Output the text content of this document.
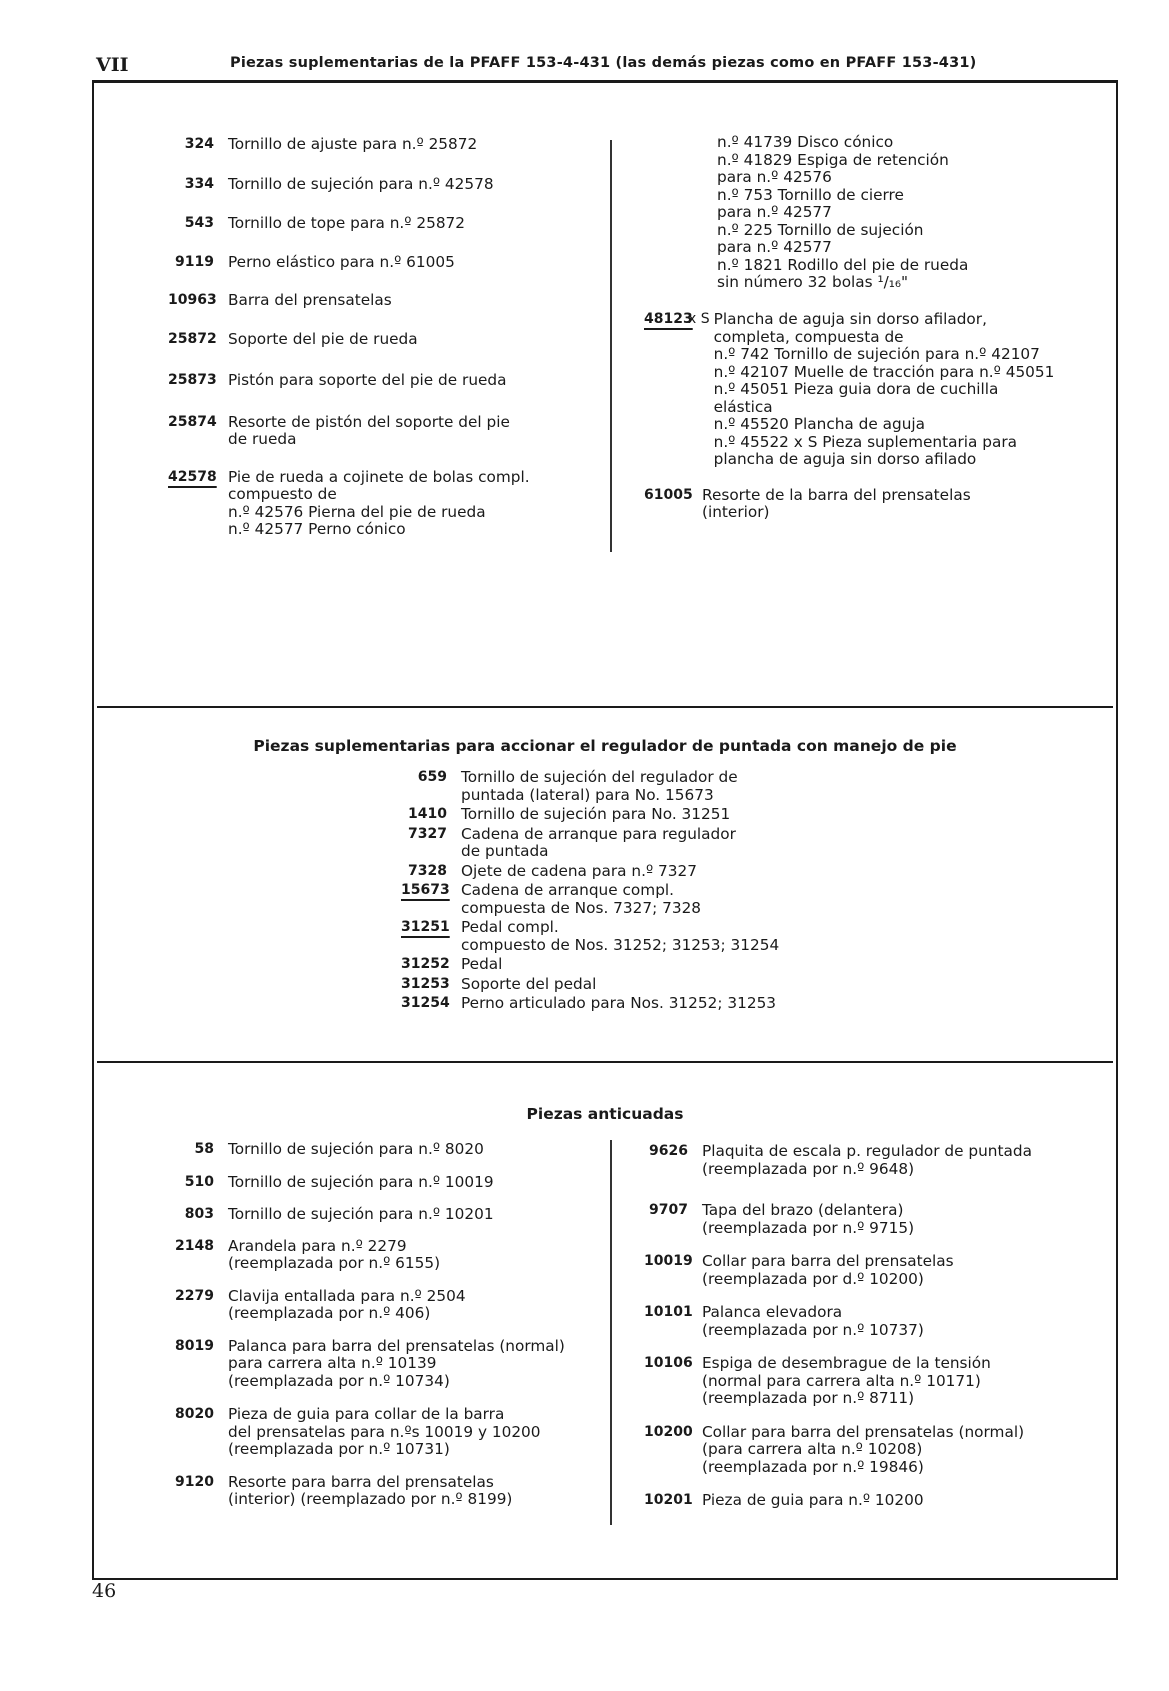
VII	Piezas suplementarias de la PFAFF 153-4-431 (las demás piezas como en PFAFF 153-431)
324 Tornillo de ajuste para n.º 25872
334 Tornillo de sujeción para n.º 42578
543 Tornillo de tope para n.º 25872
9119 Perno elástico para n.º 61005
10963 Barra del prensatelas
25872 Soporte del pie de rueda
25873 Pistón para soporte del pie de rueda
25874 Resorte de pistón del soporte del pie
de rueda
42578 Pie de rueda a cojinete de bolas compl.
compuesto de
n.º 42576 Pierna del pie de rueda
n.º 42577 Perno cónico
n.º 41739 Disco cónico
n.º 41829 Espiga de retención
para n.º 42576
n.º 753 Tornillo de cierre
para n.º 42577
n.º 225 Tornillo de sujeción
para n.º 42577
n.º 1821 Rodillo del pie de rueda
sin número 32 bolas ¹/₁₆"
48123
x S Plancha de aguja sin dorso afilador,
completa, compuesta de
n.º 742 Tornillo de sujeción para n.º 42107
n.º 42107 Muelle de tracción para n.º 45051
n.º 45051 Pieza guia dora de cuchilla
elástica
n.º 45520 Plancha de aguja
n.º 45522 x S Pieza suplementaria para
plancha de aguja sin dorso afilado
61005 Resorte de la barra del prensatelas
(interior)
Piezas suplementarias para accionar el regulador de puntada con manejo de pie
659 Tornillo de sujeción del regulador de
puntada (lateral) para No. 15673
1410 Tornillo de sujeción para No. 31251
7327 Cadena de arranque para regulador
de puntada
7328 Ojete de cadena para n.º 7327
15673 Cadena de arranque compl.
compuesta de Nos. 7327; 7328
31251 Pedal compl.
compuesto de Nos. 31252; 31253; 31254
31252 Pedal
31253 Soporte del pedal
31254 Perno articulado para Nos. 31252; 31253
Piezas anticuadas
58 Tornillo de sujeción para n.º 8020
510 Tornillo de sujeción para n.º 10019
803 Tornillo de sujeción para n.º 10201
2148 Arandela para n.º 2279
(reemplazada por n.º 6155)
2279 Clavija entallada para n.º 2504
(reemplazada por n.º 406)
8019 Palanca para barra del prensatelas (normal)
para carrera alta n.º 10139
(reemplazada por n.º 10734)
8020 Pieza de guia para collar de la barra
del prensatelas para n.ºs 10019 y 10200
(reemplazada por n.º 10731)
9120 Resorte para barra del prensatelas
(interior) (reemplazado por n.º 8199)
9626 Plaquita de escala p. regulador de puntada
(reemplazada por n.º 9648)
9707 Tapa del brazo (delantera)
(reemplazada por n.º 9715)
10019 Collar para barra del prensatelas
(reemplazada por d.º 10200)
10101 Palanca elevadora
(reemplazada por n.º 10737)
10106 Espiga de desembrague de la tensión
(normal para carrera alta n.º 10171)
(reemplazada por n.º 8711)
10200 Collar para barra del prensatelas (normal)
(para carrera alta n.º 10208)
(reemplazada por n.º 19846)
10201 Pieza de guia para n.º 10200
46
